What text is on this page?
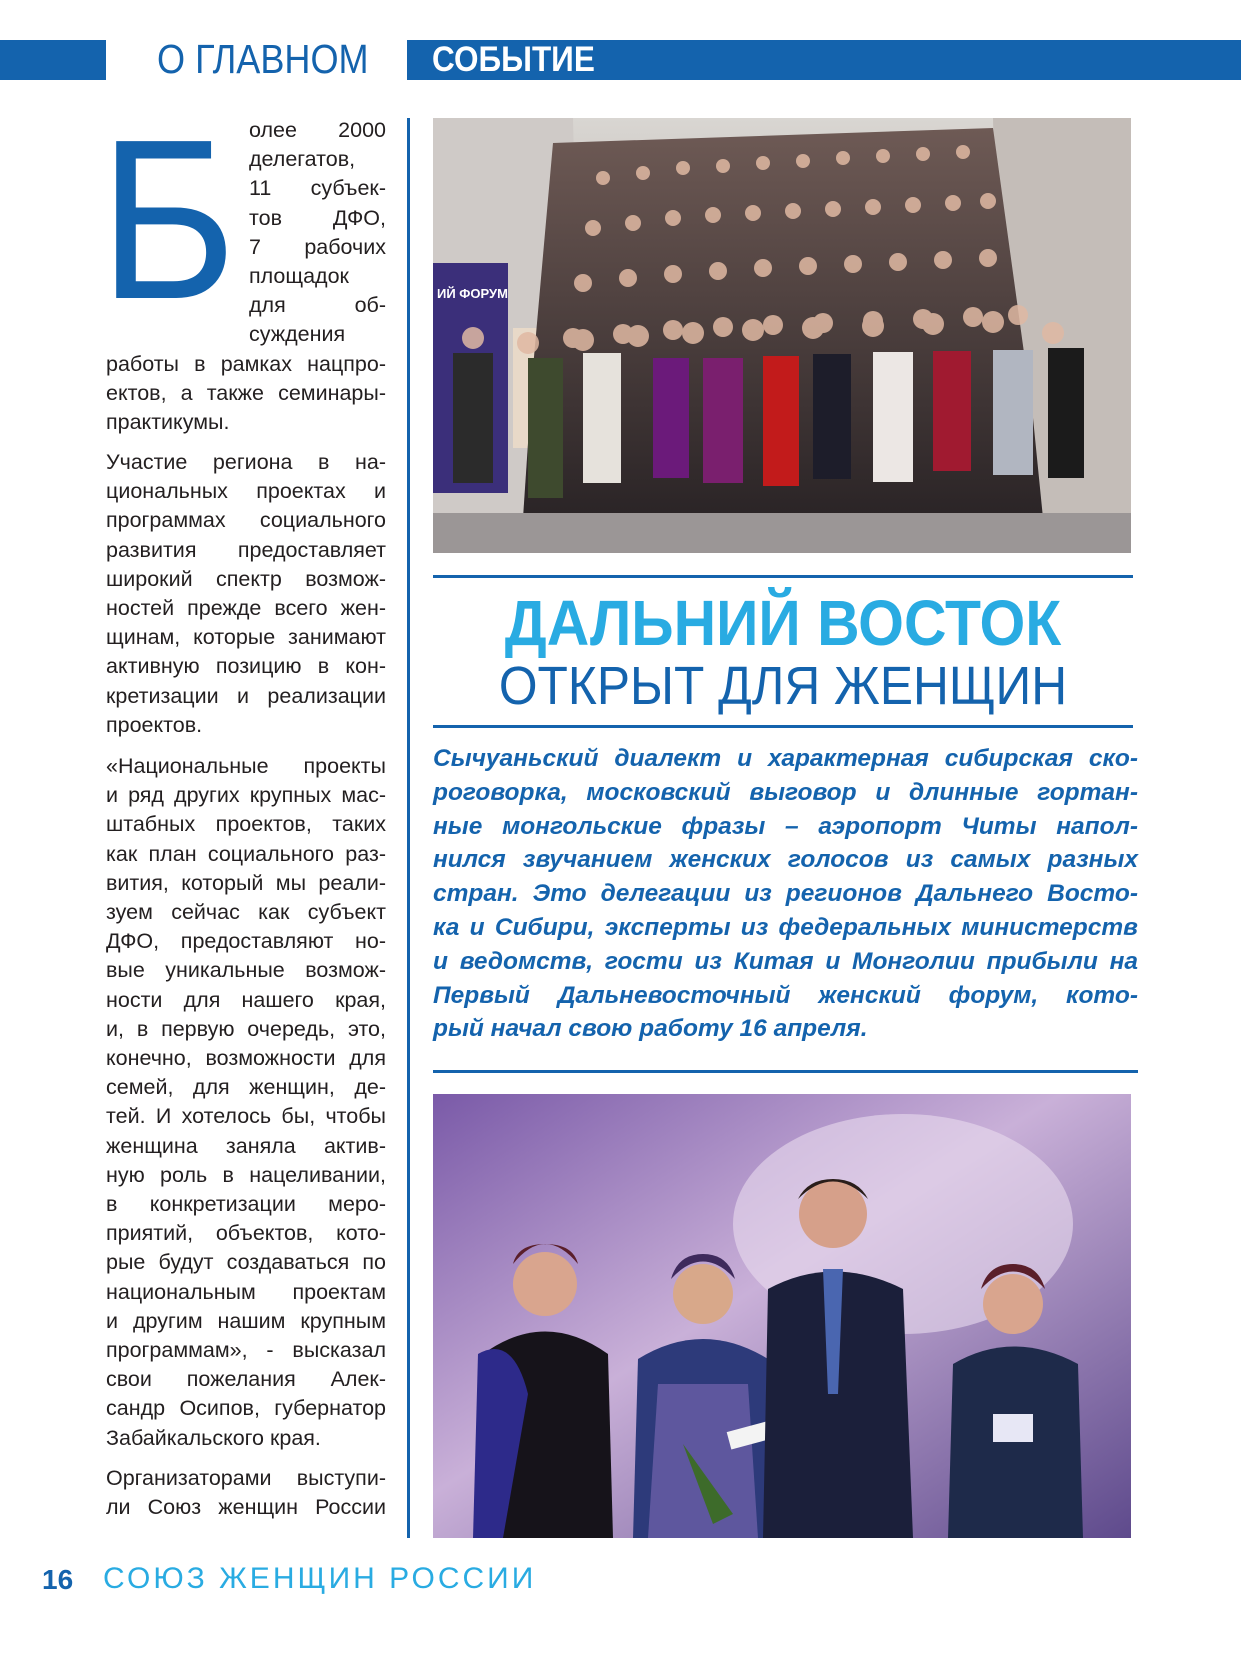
О ГЛАВНОМ СОБЫТИЕ
Б олее 2000
делегатов,
11 субъек-
тов ДФО,
7 рабочих
площадок
для об-
суждения
работы в рамках нацпро-
ектов, а также семинары-
практикумы.
Участие региона в на-
циональных проектах и
программах социального
развития предоставляет
широкий спектр возмож-
ностей прежде всего жен-
щинам, которые занимают
активную позицию в кон-
кретизации и реализации
проектов.
«Национальные проекты
и ряд других крупных мас-
штабных проектов, таких
как план социального раз-
вития, который мы реали-
зуем сейчас как субъект
ДФО, предоставляют но-
вые уникальные возмож-
ности для нашего края,
и, в первую очередь, это,
конечно, возможности для
семей, для женщин, де-
тей. И хотелось бы, чтобы
женщина заняла актив-
ную роль в нацеливании,
в конкретизации меро-
приятий, объектов, кото-
рые будут создаваться по
национальным проектам
и другим нашим крупным
программам», - высказал
свои пожелания Алек-
сандр Осипов, губернатор
Забайкальского края.
Организаторами выступи-
ли Союз женщин России
ИЙ ФОРУМ
ДАЛЬНИЙ ВОСТОК
ОТКРЫТ ДЛЯ ЖЕНЩИН
Сычуаньский диалект и характерная сибирская ско-
роговорка, московский выговор и длинные гортан-
ные монгольские фразы – аэропорт Читы напол-
нился звучанием женских голосов из самых разных
стран. Это делегации из регионов Дальнего Восто-
ка и Сибири, эксперты из федеральных министерств
и ведомств, гости из Китая и Монголии прибыли на
Первый Дальневосточный женский форум, кото-
рый начал свою работу 16 апреля.
16 СОЮЗ ЖЕНЩИН РОССИИ
